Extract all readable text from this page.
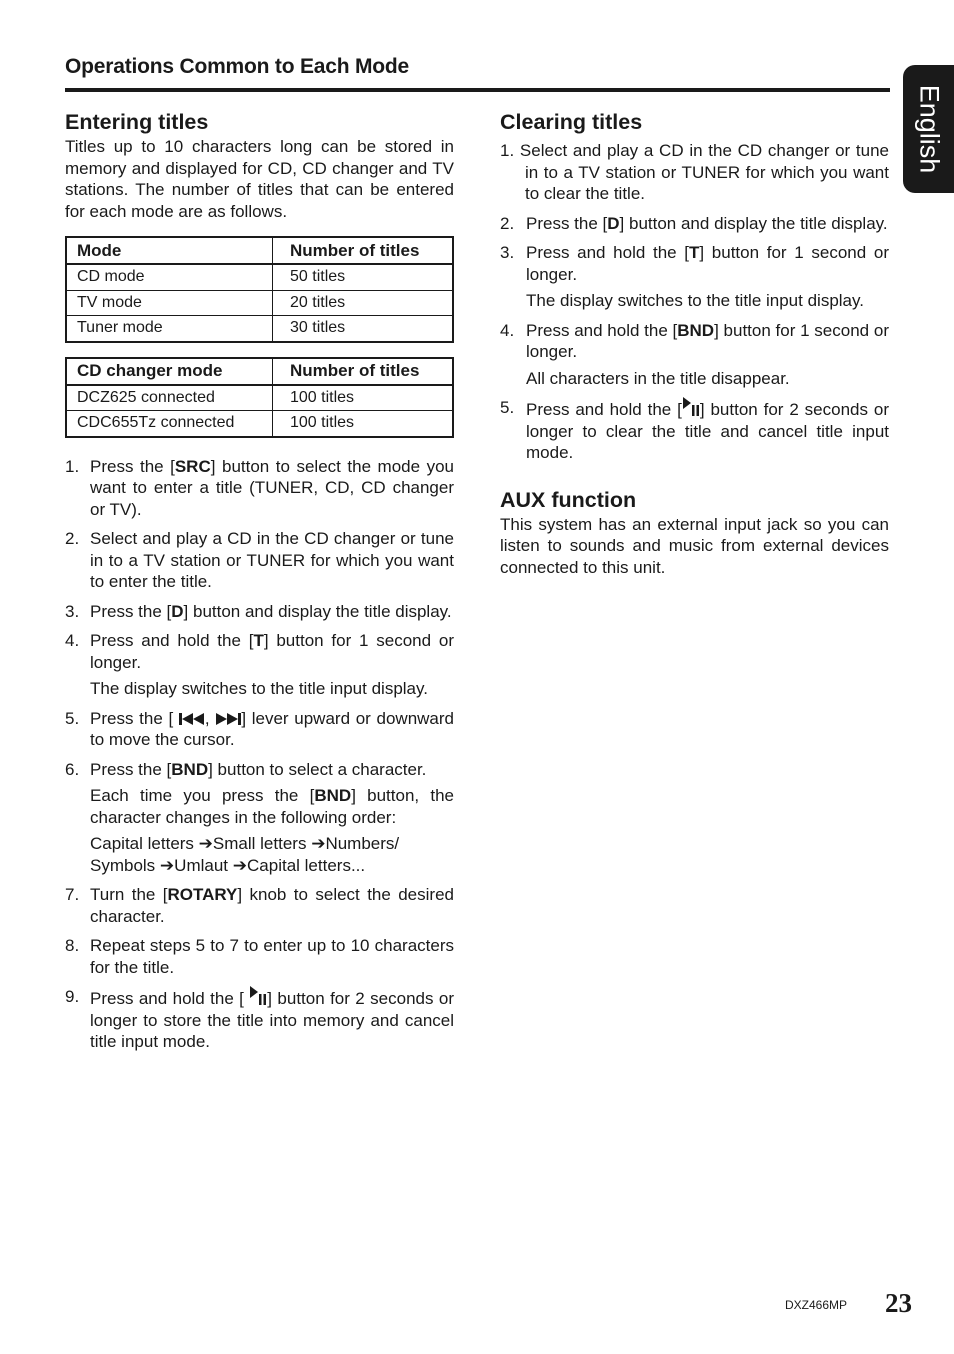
Operations Common to Each Mode
English
Entering titles

Titles up to 10 characters long can be stored in memory and displayed for CD, CD changer and TV stations. The number of titles that can be entered for each mode are as follows.

Mode	Number of titles
CD mode	50 titles
TV mode	20 titles
Tuner mode	30 titles
CD changer mode	Number of titles
DCZ625 connected	100 titles
CDC655Tz connected	100 titles
1. Press the [SRC] button to select the mode you want to enter a title (TUNER, CD, CD changer or TV).
2. Select and play a CD in the CD changer or tune in to a TV station or TUNER for which you want to enter the title.
3. Press the [D] button and display the title display.
4. Press and hold the [T] button for 1 second or longer.
The display switches to the title input display.
5. Press the [ , ] lever upward or downward to move the cursor.
6. Press the [BND] button to select a character.
Each time you press the [BND] button, the character changes in the following order:
Capital letters ➔Small letters ➔Numbers/ Symbols ➔Umlaut ➔Capital letters...
7. Turn the [ROTARY] knob to select the desired character.
8. Repeat steps 5 to 7 to enter up to 10 characters for the title.
9. Press and hold the [ ] button for 2 seconds or longer to store the title into memory and cancel title input mode.
Clearing titles
1. Select and play a CD in the CD changer or tune in to a TV station or TUNER for which you want to clear the title.
2. Press the [D] button and display the title display.
3. Press and hold the [T] button for 1 second or longer.
The display switches to the title input display.
4. Press and hold the [BND] button for 1 second or longer.
All characters in the title disappear.
5. Press and hold the [ ] button for 2 seconds or longer to clear the title and cancel title input mode.
AUX function

This system has an external input jack so you can listen to sounds and music from external devices connected to this unit.

DXZ466MP 23
